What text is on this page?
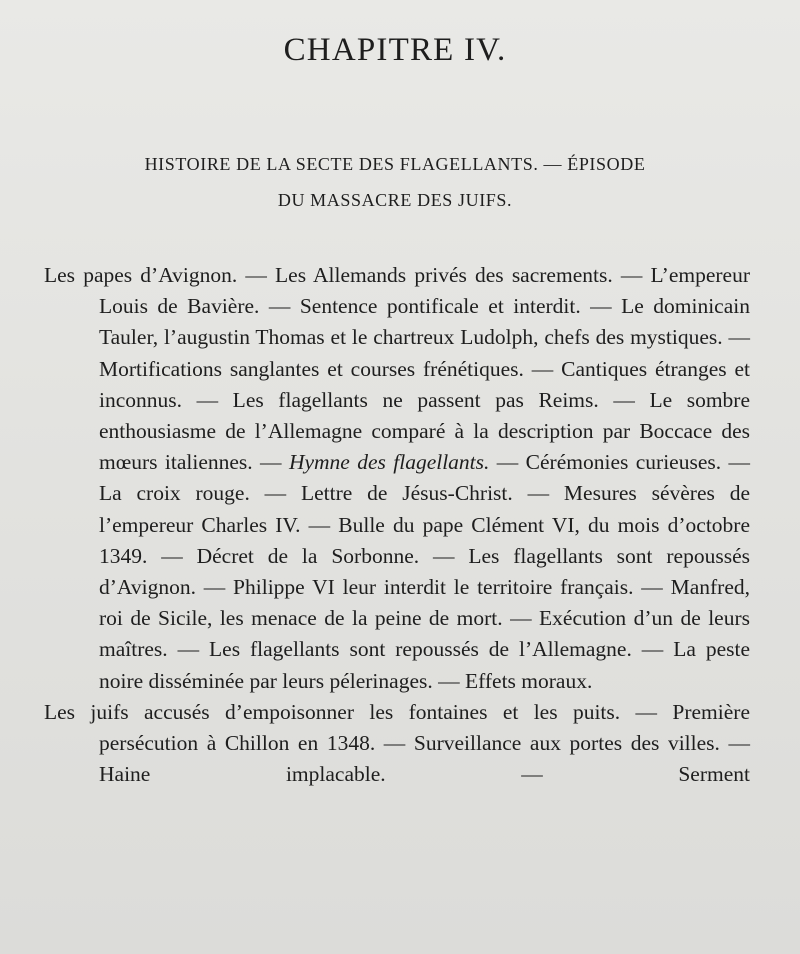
CHAPITRE IV.
HISTOIRE DE LA SECTE DES FLAGELLANTS. — ÉPISODE
DU MASSACRE DES JUIFS.

Les papes d’Avignon. — Les Allemands privés des sacrements. — L’empereur Louis de Bavière. — Sentence pontificale et interdit. — Le dominicain Tauler, l’augustin Thomas et le chartreux Ludolph, chefs des mystiques. — Mortifications sanglantes et courses frénétiques. — Cantiques étranges et inconnus. — Les flagellants ne passent pas Reims. — Le sombre enthousiasme de l’Allemagne comparé à la description par Boccace des mœurs italiennes. — Hymne des flagellants. — Cérémonies curieuses. — La croix rouge. — Lettre de Jésus-Christ. — Mesures sévères de l’empereur Charles IV. — Bulle du pape Clément VI, du mois d’octobre 1349. — Décret de la Sorbonne. — Les flagellants sont repoussés d’Avignon. — Philippe VI leur interdit le territoire français. — Manfred, roi de Sicile, les menace de la peine de mort. — Exécution d’un de leurs maîtres. — Les flagellants sont repoussés de l’Allemagne. — La peste noire disséminée par leurs pélerinages. — Effets moraux.

Les juifs accusés d’empoisonner les fontaines et les puits. — Première persécution à Chillon en 1348. — Surveillance aux portes des villes. — Haine implacable. — Serment
